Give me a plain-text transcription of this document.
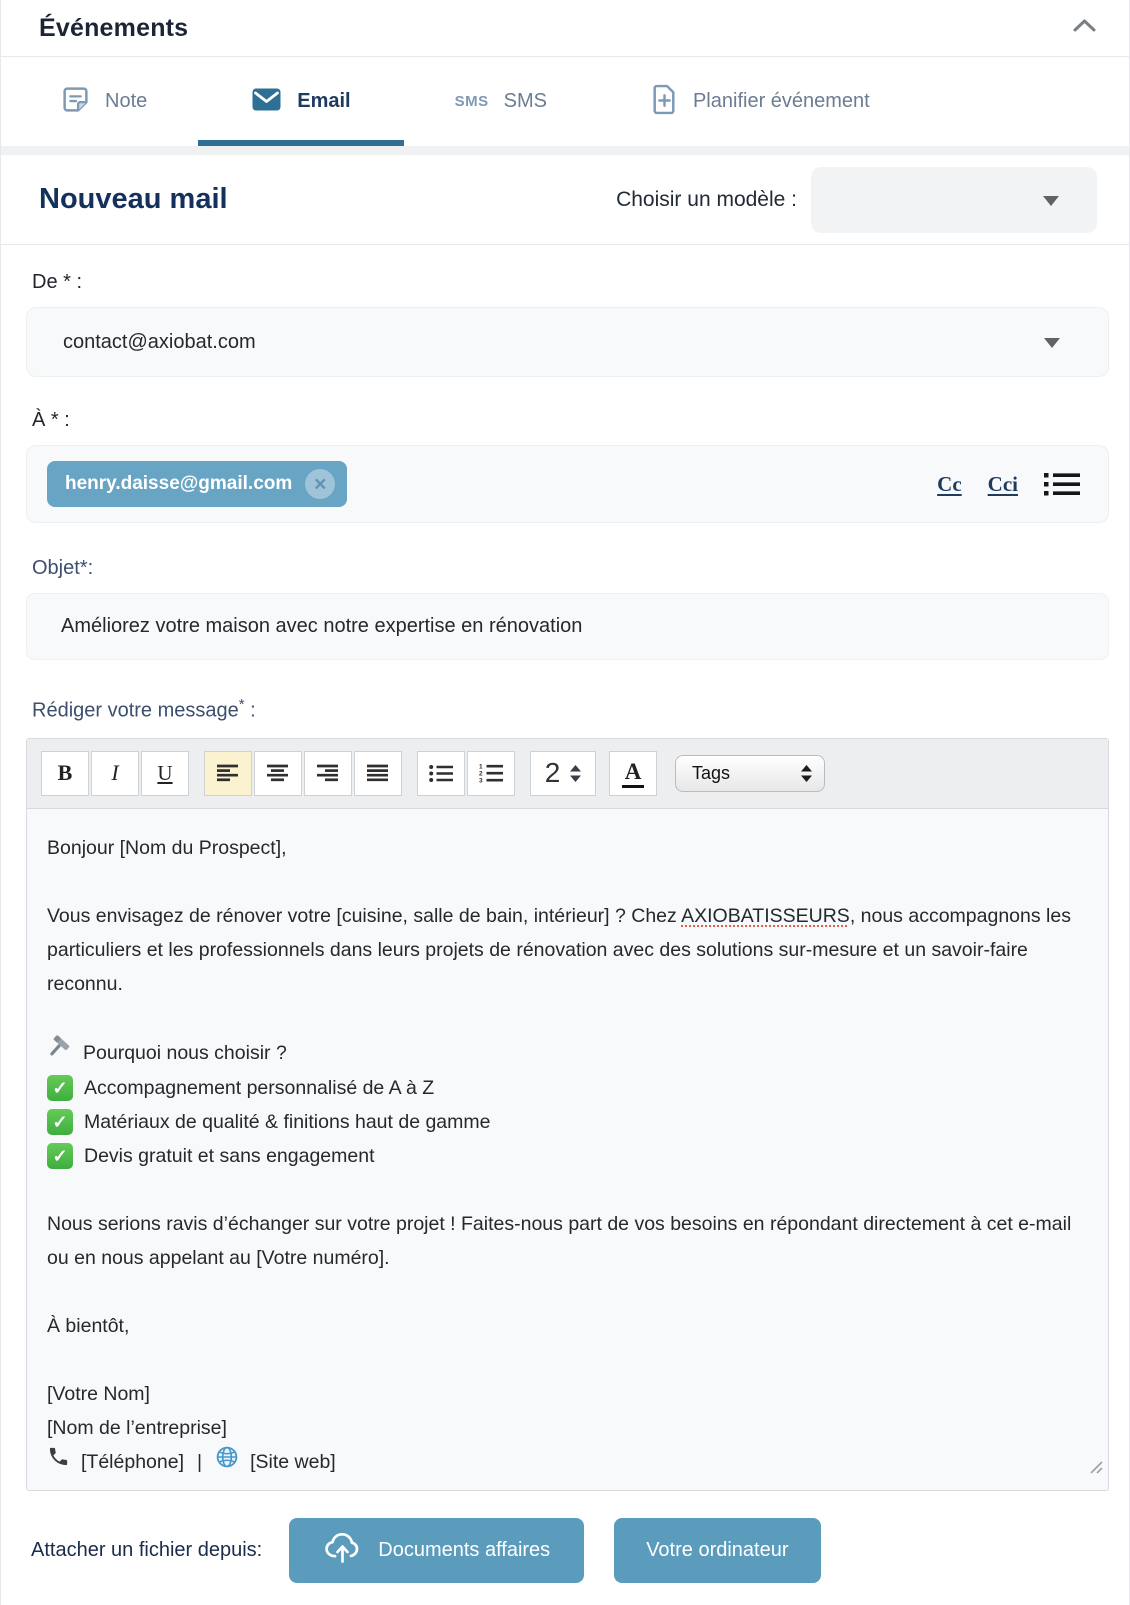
Événements
Note	Email	SMS SMS	Planifier événement
Nouveau mail	Choisir un modèle :
De * :
contact@axiobat.com
À * :
henry.daisse@gmail.com ×	Cc Cci
Objet*:
Améliorez votre maison avec notre expertise en rénovation
Rédiger votre message* :
B I U	1
2
3 2	A	Tags
Bonjour [Nom du Prospect],
Vous envisagez de rénover votre [cuisine, salle de bain, intérieur] ? Chez AXIOBATISSEURS, nous accompagnons les particuliers et les professionnels dans leurs projets de rénovation avec des solutions sur-mesure et un savoir-faire reconnu.
Pourquoi nous choisir ?
✓ Accompagnement personnalisé de A à Z
✓ Matériaux de qualité & finitions haut de gamme
✓ Devis gratuit et sans engagement
Nous serions ravis d’échanger sur votre projet ! Faites-nous part de vos besoins en répondant directement à cet e-mail ou en nous appelant au [Votre numéro].
À bientôt,
[Votre Nom]
[Nom de l’entreprise]
[Téléphone] | [Site web]
Attacher un fichier depuis:	Documents affaires	Votre ordinateur
